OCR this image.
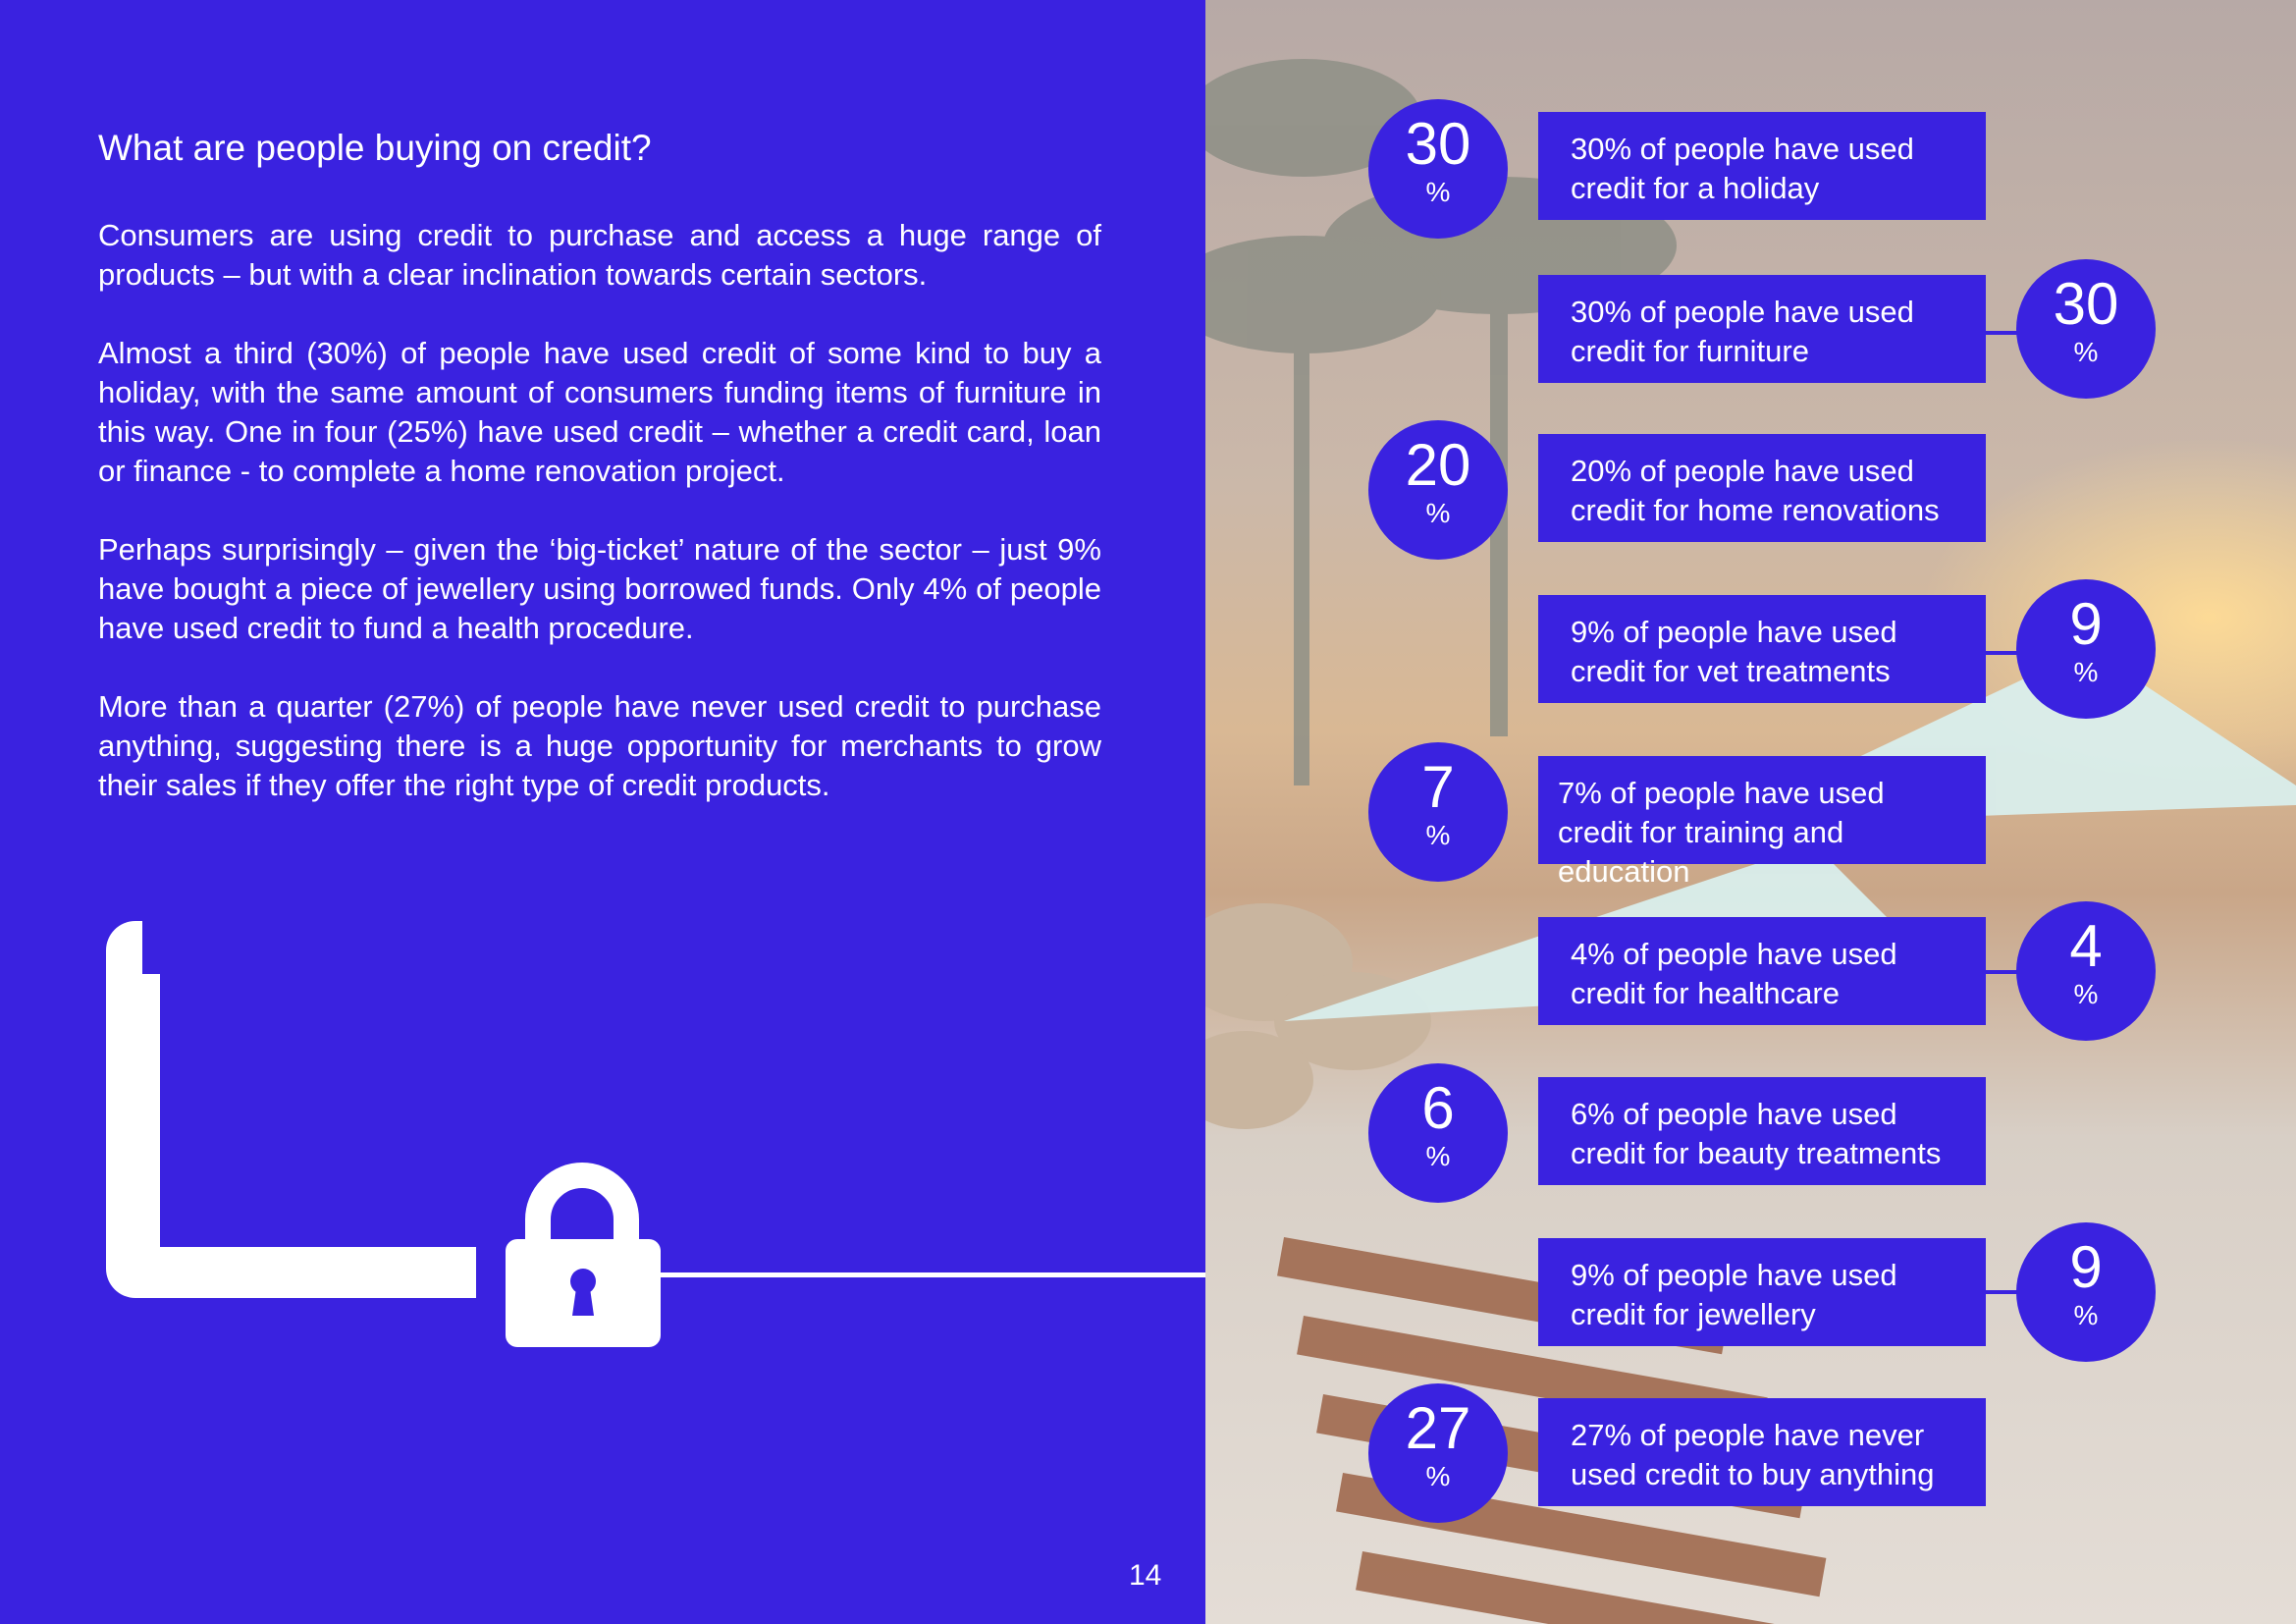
What are people buying on credit?

Consumers are using credit to purchase and access a huge range of products – but with a clear inclination towards certain sectors.

Almost a third (30%) of people have used credit of some kind to buy a holiday, with the same amount of consumers funding items of furniture in this way. One in four (25%) have used credit – whether a credit card, loan or finance - to complete a home renovation project.

Perhaps surprisingly – given the ‘big-ticket’ nature of the sector – just 9% have bought a piece of jewellery using borrowed funds. Only 4% of people have used credit to fund a health procedure.

More than a quarter (27%) of people have never used credit to purchase anything, suggesting there is a huge opportunity for merchants to grow their sales if they offer the right type of credit products.

14
30
%
30% of people have used credit for a holiday
30% of people have used credit for furniture
30
%
20
%
20% of people have used credit for home renovations
9% of people have used credit for vet treatments
9
%
7
%
7% of people have used credit for training and education
4% of people have used credit for healthcare
4
%
6
%
6% of people have used credit for beauty treatments
9% of people have used credit for jewellery
9
%
27
%
27% of people have never used credit to buy anything
